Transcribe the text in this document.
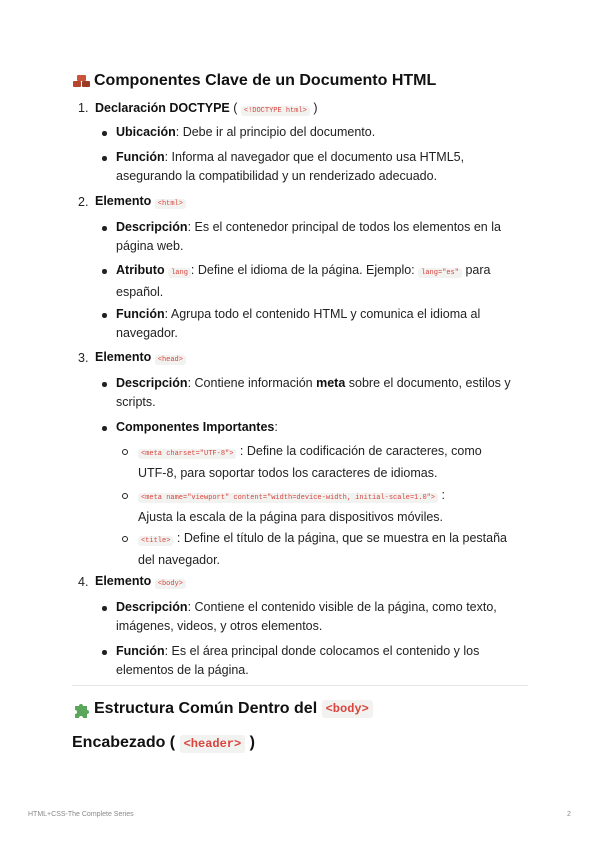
Componentes Clave de un Documento HTML
1. Declaración DOCTYPE ( <!DOCTYPE html> )
Ubicación: Debe ir al principio del documento.
Función: Informa al navegador que el documento usa HTML5,
asegurando la compatibilidad y un renderizado adecuado.
2. Elemento <html>
Descripción: Es el contenedor principal de todos los elementos en la
página web.
Atributo lang : Define el idioma de la página. Ejemplo: lang="es" para
español.
Función: Agrupa todo el contenido HTML y comunica el idioma al
navegador.
3. Elemento <head>
Descripción: Contiene información meta sobre el documento, estilos y
scripts.
Componentes Importantes:
<meta charset="UTF-8"> : Define la codificación de caracteres, como
UTF-8, para soportar todos los caracteres de idiomas.
<meta name="viewport" content="width=device-width, initial-scale=1.0"> :
Ajusta la escala de la página para dispositivos móviles.
<title> : Define el título de la página, que se muestra en la pestaña
del navegador.
4. Elemento <body>
Descripción: Contiene el contenido visible de la página, como texto,
imágenes, videos, y otros elementos.
Función: Es el área principal donde colocamos el contenido y los
elementos de la página.
Estructura Común Dentro del
<body>
Encabezado ( <header> )
HTML+CSS-The Complete Series	2
